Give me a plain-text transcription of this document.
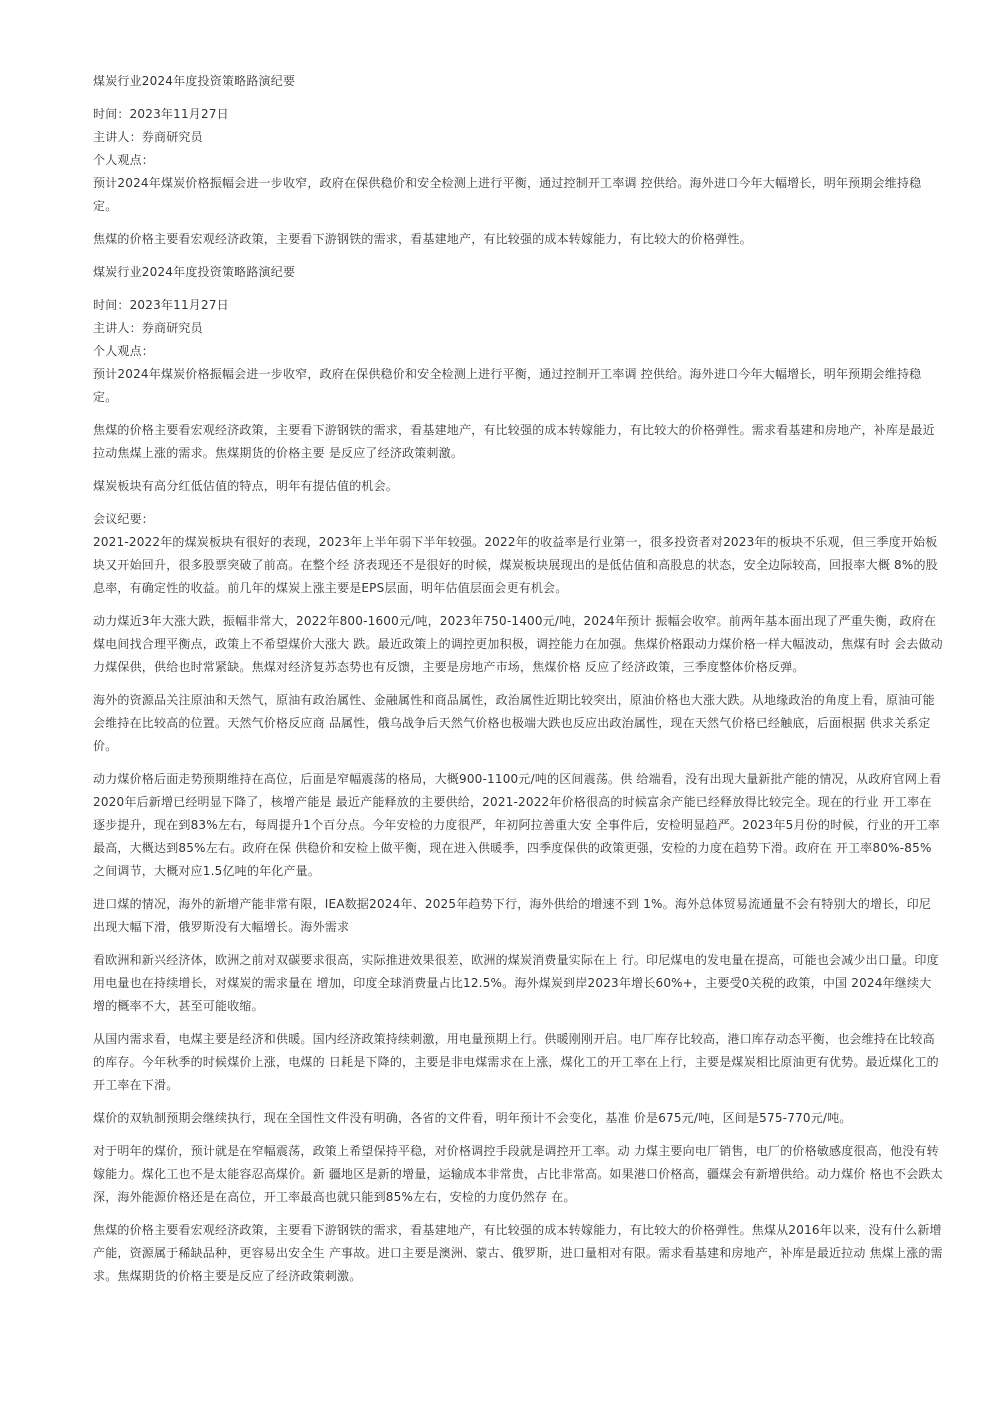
煤炭行业2024年度投资策略路演纪要

时间：2023年11月27日

主讲人：券商研究员

个人观点：

预计2024年煤炭价格振幅会进一步收窄，政府在保供稳价和安全检测上进行平衡，通过控制开工率调 控供给。海外进口今年大幅增长，明年预期会维持稳定。

焦煤的价格主要看宏观经济政策，主要看下游钢铁的需求，看基建地产，有比较强的成本转嫁能力，有比较大的价格弹性。

煤炭行业2024年度投资策略路演纪要

时间：2023年11月27日

主讲人：券商研究员

个人观点：

预计2024年煤炭价格振幅会进一步收窄，政府在保供稳价和安全检测上进行平衡，通过控制开工率调 控供给。海外进口今年大幅增长，明年预期会维持稳定。

焦煤的价格主要看宏观经济政策，主要看下游钢铁的需求，看基建地产，有比较强的成本转嫁能力，有比较大的价格弹性。需求看基建和房地产，补库是最近拉动焦煤上涨的需求。焦煤期货的价格主要 是反应了经济政策刺激。

煤炭板块有高分红低估值的特点，明年有提估值的机会。

会议纪要：

2021-2022年的煤炭板块有很好的表现，2023年上半年弱下半年较强。2022年的收益率是行业第一，很多投资者对2023年的板块不乐观，但三季度开始板块又开始回升，很多股票突破了前高。在整个经 济表现还不是很好的时候，煤炭板块展现出的是低估值和高股息的状态，安全边际较高，回报率大概 8%的股息率，有确定性的收益。前几年的煤炭上涨主要是EPS层面，明年估值层面会更有机会。

动力煤近3年大涨大跌，振幅非常大，2022年800-1600元/吨，2023年750-1400元/吨，2024年预计 振幅会收窄。前两年基本面出现了严重失衡，政府在煤电间找合理平衡点，政策上不希望煤价大涨大 跌。最近政策上的调控更加积极，调控能力在加强。焦煤价格跟动力煤价格一样大幅波动，焦煤有时 会去做动力煤保供，供给也时常紧缺。焦煤对经济复苏态势也有反馈，主要是房地产市场，焦煤价格 反应了经济政策，三季度整体价格反弹。

海外的资源品关注原油和天然气，原油有政治属性、金融属性和商品属性，政治属性近期比较突出，原油价格也大涨大跌。从地缘政治的角度上看，原油可能会维持在比较高的位置。天然气价格反应商 品属性，俄乌战争后天然气价格也极端大跌也反应出政治属性，现在天然气价格已经触底，后面根据 供求关系定价。

动力煤价格后面走势预期维持在高位，后面是窄幅震荡的格局，大概900-1100元/吨的区间震荡。供 给端看，没有出现大量新批产能的情况，从政府官网上看2020年后新增已经明显下降了，核增产能是 最近产能释放的主要供给，2021-2022年价格很高的时候富余产能已经释放得比较完全。现在的行业 开工率在逐步提升，现在到83%左右，每周提升1个百分点。今年安检的力度很严，年初阿拉善重大安 全事件后，安检明显趋严。2023年5月份的时候，行业的开工率最高，大概达到85%左右。政府在保 供稳价和安检上做平衡，现在进入供暖季，四季度保供的政策更强，安检的力度在趋势下滑。政府在 开工率80%-85%之间调节，大概对应1.5亿吨的年化产量。

进口煤的情况，海外的新增产能非常有限，IEA数据2024年、2025年趋势下行，海外供给的增速不到 1%。海外总体贸易流通量不会有特别大的增长，印尼出现大幅下滑，俄罗斯没有大幅增长。海外需求

看欧洲和新兴经济体，欧洲之前对双碳要求很高，实际推进效果很差，欧洲的煤炭消费量实际在上 行。印尼煤电的发电量在提高，可能也会减少出口量。印度用电量也在持续增长，对煤炭的需求量在 增加，印度全球消费量占比12.5%。海外煤炭到岸2023年增长60%+，主要受0关税的政策，中国 2024年继续大增的概率不大，甚至可能收缩。

从国内需求看，电煤主要是经济和供暖。国内经济政策持续刺激，用电量预期上行。供暖刚刚开启。电厂库存比较高，港口库存动态平衡，也会维持在比较高的库存。今年秋季的时候煤价上涨，电煤的 日耗是下降的，主要是非电煤需求在上涨，煤化工的开工率在上行，主要是煤炭相比原油更有优势。最近煤化工的开工率在下滑。

煤价的双轨制预期会继续执行，现在全国性文件没有明确，各省的文件看，明年预计不会变化，基准 价是675元/吨，区间是575-770元/吨。

对于明年的煤价，预计就是在窄幅震荡，政策上希望保持平稳，对价格调控手段就是调控开工率。动 力煤主要向电厂销售，电厂的价格敏感度很高，他没有转嫁能力。煤化工也不是太能容忍高煤价。新 疆地区是新的增量，运输成本非常贵，占比非常高。如果港口价格高，疆煤会有新增供给。动力煤价 格也不会跌太深，海外能源价格还是在高位，开工率最高也就只能到85%左右，安检的力度仍然存 在。

焦煤的价格主要看宏观经济政策，主要看下游钢铁的需求，看基建地产，有比较强的成本转嫁能力，有比较大的价格弹性。焦煤从2016年以来，没有什么新增产能，资源属于稀缺品种，更容易出安全生 产事故。进口主要是澳洲、蒙古、俄罗斯，进口量相对有限。需求看基建和房地产，补库是最近拉动 焦煤上涨的需求。焦煤期货的价格主要是反应了经济政策刺激。
